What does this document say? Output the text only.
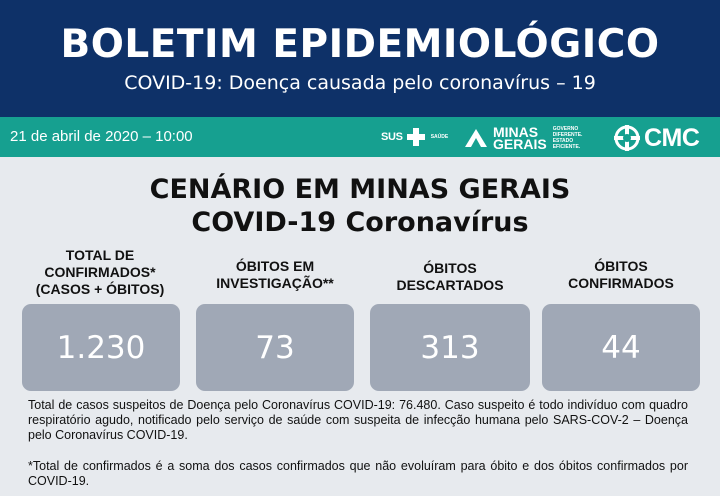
BOLETIM EPIDEMIOLÓGICO
COVID-19: Doença causada pelo coronavírus – 19
21 de abril de 2020 – 10:00	SUS	SAÚDE	MINAS
GERAIS
GOVERNO
DIFERENTE.
ESTADO
EFICIENTE.	CMC
CENÁRIO EM MINAS GERAIS
COVID-19 Coronavírus
TOTAL DE
CONFIRMADOS*
(CASOS + ÓBITOS)
1.230
ÓBITOS EM
INVESTIGAÇÃO**
73
ÓBITOS
DESCARTADOS
313
ÓBITOS
CONFIRMADOS
44
Total de casos suspeitos de Doença pelo Coronavírus COVID-19: 76.480. Caso suspeito é todo indivíduo com quadro respiratório agudo, notificado pelo serviço de saúde com suspeita de infecção humana pelo SARS-COV-2 – Doença pelo Coronavírus COVID-19.
*Total de confirmados é a soma dos casos confirmados que não evoluíram para óbito e dos óbitos confirmados por COVID-19.
